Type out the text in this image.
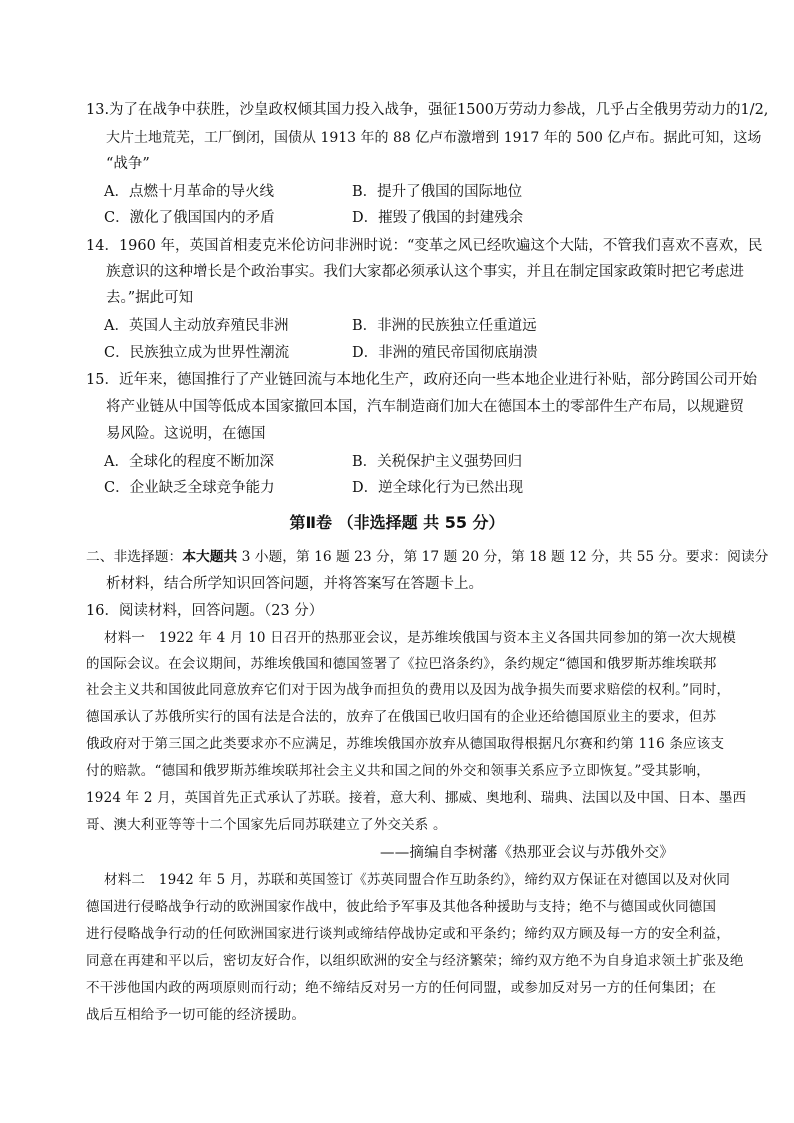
13.为了在战争中获胜，沙皇政权倾其国力投入战争，强征1500万劳动力参战，几乎占全俄男劳动力的1/2,
大片土地荒芜，工厂倒闭，国债从 1913 年的 88 亿卢布激增到 1917 年的 500 亿卢布。据此可知，这场
“战争”
A．点燃十月革命的导火线	B．提升了俄国的国际地位
C．激化了俄国国内的矛盾	D．摧毁了俄国的封建残余
14．1960 年，英国首相麦克米伦访问非洲时说：“变革之风已经吹遍这个大陆，不管我们喜欢不喜欢，民
族意识的这种增长是个政治事实。我们大家都必须承认这个事实，并且在制定国家政策时把它考虑进
去。”据此可知
A．英国人主动放弃殖民非洲	B．非洲的民族独立任重道远
C．民族独立成为世界性潮流	D．非洲的殖民帝国彻底崩溃
15．近年来，德国推行了产业链回流与本地化生产，政府还向一些本地企业进行补贴，部分跨国公司开始
将产业链从中国等低成本国家撤回本国，汽车制造商们加大在德国本土的零部件生产布局，以规避贸
易风险。这说明，在德国
A．全球化的程度不断加深	B．关税保护主义强势回归
C．企业缺乏全球竞争能力	D．逆全球化行为已然出现
第Ⅱ卷 （非选择题 共 55 分）
二、非选择题：本大题共 3 小题，第 16 题 23 分，第 17 题 20 分，第 18 题 12 分，共 55 分。要求：阅读分
析材料，结合所学知识回答问题，并将答案写在答题卡上。
16．阅读材料，回答问题。（23 分）
材料一　1922 年 4 月 10 日召开的热那亚会议，是苏维埃俄国与资本主义各国共同参加的第一次大规模
的国际会议。在会议期间，苏维埃俄国和德国签署了《拉巴洛条约》，条约规定“德国和俄罗斯苏维埃联邦
社会主义共和国彼此同意放弃它们对于因为战争而担负的费用以及因为战争损失而要求赔偿的权利。”同时，
德国承认了苏俄所实行的国有法是合法的，放弃了在俄国已收归国有的企业还给德国原业主的要求，但苏
俄政府对于第三国之此类要求亦不应满足，苏维埃俄国亦放弃从德国取得根据凡尔赛和约第 116 条应该支
付的赔款。“德国和俄罗斯苏维埃联邦社会主义共和国之间的外交和领事关系应予立即恢复。”受其影响，
1924 年 2 月，英国首先正式承认了苏联。接着，意大利、挪威、奥地利、瑞典、法国以及中国、日本、墨西
哥、澳大利亚等等十二个国家先后同苏联建立了外交关系 。
——摘编自李树藩《热那亚会议与苏俄外交》
材料二　1942 年 5 月，苏联和英国签订《苏英同盟合作互助条约》，缔约双方保证在对德国以及对伙同
德国进行侵略战争行动的欧洲国家作战中，彼此给予军事及其他各种援助与支持；绝不与德国或伙同德国
进行侵略战争行动的任何欧洲国家进行谈判或缔结停战协定或和平条约；缔约双方顾及每一方的安全利益，
同意在再建和平以后，密切友好合作，以组织欧洲的安全与经济繁荣；缔约双方绝不为自身追求领土扩张及绝
不干涉他国内政的两项原则而行动；绝不缔结反对另一方的任何同盟，或参加反对另一方的任何集团；在
战后互相给予一切可能的经济援助。
